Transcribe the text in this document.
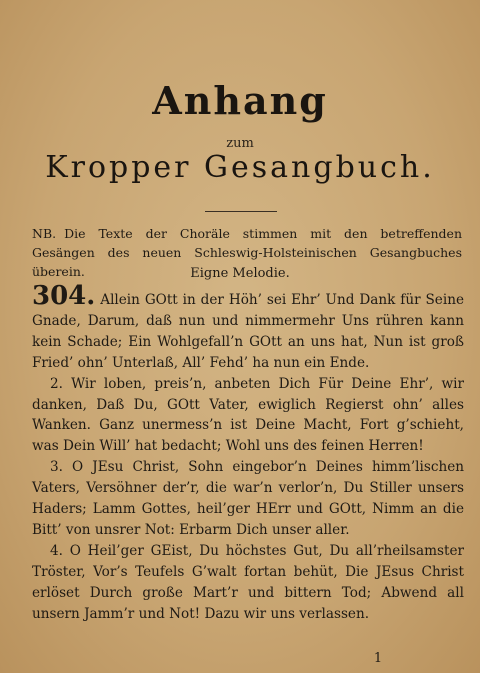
Anhang
zum
Kropper Gesangbuch.
NB. Die Texte der Choräle stimmen mit den betreffenden Gesängen des neuen Schleswig-Holsteinischen Gesangbuches überein.	Eigne Melodie.

304. Allein GOtt in der Höh’ sei Ehr’ Und Dank für Seine Gnade, Darum, daß nun und nimmermehr Uns rühren kann kein Schade; Ein Wohlgefall’n GOtt an uns hat, Nun ist groß Fried’ ohn’ Unterlaß, All’ Fehd’ ha nun ein Ende.

2. Wir loben, preis’n, anbeten Dich Für Deine Ehr’, wir danken, Daß Du, GOtt Vater, ewiglich Regierst ohn’ alles Wanken. Ganz unermess’n ist Deine Macht, Fort g’schieht, was Dein Will’ hat bedacht; Wohl uns des feinen Herren!

3. O JEsu Christ, Sohn eingebor’n Deines himm’lischen Vaters, Versöhner der’r, die war’n verlor’n, Du Stiller unsers Haders; Lamm Gottes, heil’ger HErr und GOtt, Nimm an die Bitt’ von unsrer Not: Erbarm Dich unser aller.

4. O Heil’ger GEist, Du höchstes Gut, Du all’rheilsamster Tröster, Vor’s Teufels G’walt fortan behüt, Die JEsus Christ erlöset Durch große Mart’r und bittern Tod; Abwend all unsern Jamm’r und Not! Dazu wir uns verlassen.

1
